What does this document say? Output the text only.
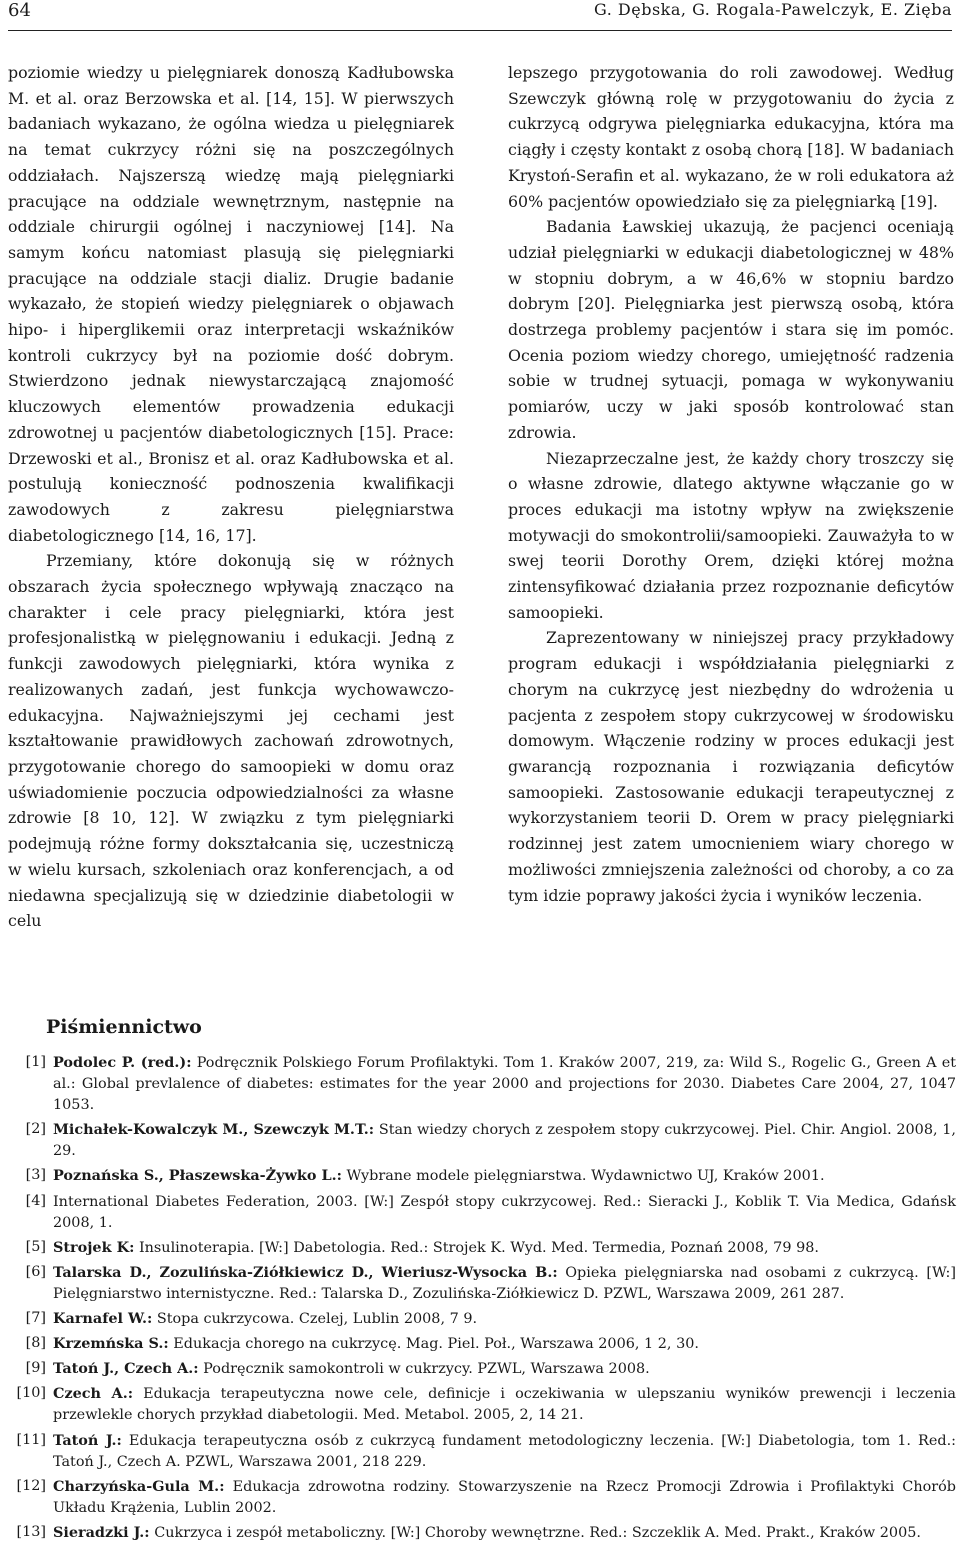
64	G. Dębska, G. Rogala-Pawelczyk, E. Zięba

poziomie wiedzy u pielęgniarek donoszą Kadłubowska M. et al. oraz Berzowska et al. [14, 15]. W pierwszych badaniach wykazano, że ogólna wiedza u pielęgniarek na temat cukrzycy różni się na poszczególnych oddziałach. Najszerszą wiedzę mają pielęgniarki pracujące na oddziale wewnętrznym, następnie na oddziale chirurgii ogólnej i naczyniowej [14]. Na samym końcu natomiast plasują się pielęgniarki pracujące na oddziale stacji dializ. Drugie badanie wykazało, że stopień wiedzy pielęgniarek o objawach hipo- i hiperglikemii oraz interpretacji wskaźników kontroli cukrzycy był na poziomie dość dobrym. Stwierdzono jednak niewystarczającą znajomość kluczowych elementów prowadzenia edukacji zdrowotnej u pacjentów diabetologicznych [15]. Prace: Drzewoski et al., Bronisz et al. oraz Kadłubowska et al. postulują konieczność podnoszenia kwalifikacji zawodowych z zakresu pielęgniarstwa diabetologicznego [14, 16, 17].

Przemiany, które dokonują się w różnych obszarach życia społecznego wpływają znacząco na charakter i cele pracy pielęgniarki, która jest profesjonalistką w pielęgnowaniu i edukacji. Jedną z funkcji zawodowych pielęgniarki, która wynika z realizowanych zadań, jest funkcja wychowawczo-edukacyjna. Najważniejszymi jej cechami jest kształtowanie prawidłowych zachowań zdrowotnych, przygotowanie chorego do samoopieki w domu oraz uświadomienie poczucia odpowiedzialności za własne zdrowie [8 10, 12]. W związku z tym pielęgniarki podejmują różne formy dokształcania się, uczestniczą w wielu kursach, szkoleniach oraz konferencjach, a od niedawna specjalizują się w dziedzinie diabetologii w celu

lepszego przygotowania do roli zawodowej. Według Szewczyk główną rolę w przygotowaniu do życia z cukrzycą odgrywa pielęgniarka edukacyjna, która ma ciągły i częsty kontakt z osobą chorą [18]. W badaniach Krystoń-Serafin et al. wykazano, że w roli edukatora aż 60% pacjentów opowiedziało się za pielęgniarką [19].

Badania Ławskiej ukazują, że pacjenci oceniają udział pielęgniarki w edukacji diabetologicznej w 48% w stopniu dobrym, a w 46,6% w stopniu bardzo dobrym [20]. Pielęgniarka jest pierwszą osobą, która dostrzega problemy pacjentów i stara się im pomóc. Ocenia poziom wiedzy chorego, umiejętność radzenia sobie w trudnej sytuacji, pomaga w wykonywaniu pomiarów, uczy w jaki sposób kontrolować stan zdrowia.

Niezaprzeczalne jest, że każdy chory troszczy się o własne zdrowie, dlatego aktywne włączanie go w proces edukacji ma istotny wpływ na zwiększenie motywacji do smokontrolii/samoopieki. Zauważyła to w swej teorii Dorothy Orem, dzięki której można zintensyfikować działania przez rozpoznanie deficytów samoopieki.

Zaprezentowany w niniejszej pracy przykładowy program edukacji i współdziałania pielęgniarki z chorym na cukrzycę jest niezbędny do wdrożenia u pacjenta z zespołem stopy cukrzycowej w środowisku domowym. Włączenie rodziny w proces edukacji jest gwarancją rozpoznania i rozwiązania deficytów samoopieki. Zastosowanie edukacji terapeutycznej z wykorzystaniem teorii D. Orem w pracy pielęgniarki rodzinnej jest zatem umocnieniem wiary chorego w możliwości zmniejszenia zależności od choroby, a co za tym idzie poprawy jakości życia i wyników leczenia.

Piśmiennictwo
[1] Podolec P. (red.): Podręcznik Polskiego Forum Profilaktyki. Tom 1. Kraków 2007, 219, za: Wild S., Rogelic G., Green A et al.: Global prevlalence of diabetes: estimates for the year 2000 and projections for 2030. Diabetes Care 2004, 27, 1047 1053.
[2] Michałek-Kowalczyk M., Szewczyk M.T.: Stan wiedzy chorych z zespołem stopy cukrzycowej. Piel. Chir. Angiol. 2008, 1, 29.
[3] Poznańska S., Płaszewska-Żywko L.: Wybrane modele pielęgniarstwa. Wydawnictwo UJ, Kraków 2001.
[4] International Diabetes Federation, 2003. [W:] Zespół stopy cukrzycowej. Red.: Sieracki J., Koblik T. Via Medica, Gdańsk 2008, 1.
[5] Strojek K: Insulinoterapia. [W:] Dabetologia. Red.: Strojek K. Wyd. Med. Termedia, Poznań 2008, 79 98.
[6] Talarska D., Zozulińska-Ziółkiewicz D., Wieriusz-Wysocka B.: Opieka pielęgniarska nad osobami z cukrzycą. [W:] Pielęgniarstwo internistyczne. Red.: Talarska D., Zozulińska-Ziółkiewicz D. PZWL, Warszawa 2009, 261 287.
[7] Karnafel W.: Stopa cukrzycowa. Czelej, Lublin 2008, 7 9.
[8] Krzemńska S.: Edukacja chorego na cukrzycę. Mag. Piel. Poł., Warszawa 2006, 1 2, 30.
[9] Tatoń J., Czech A.: Podręcznik samokontroli w cukrzycy. PZWL, Warszawa 2008.
[10] Czech A.: Edukacja terapeutyczna nowe cele, definicje i oczekiwania w ulepszaniu wyników prewencji i leczenia przewlekle chorych przykład diabetologii. Med. Metabol. 2005, 2, 14 21.
[11] Tatoń J.: Edukacja terapeutyczna osób z cukrzycą fundament metodologiczny leczenia. [W:] Diabetologia, tom 1. Red.: Tatoń J., Czech A. PZWL, Warszawa 2001, 218 229.
[12] Charzyńska-Gula M.: Edukacja zdrowotna rodziny. Stowarzyszenie na Rzecz Promocji Zdrowia i Profilaktyki Chorób Układu Krążenia, Lublin 2002.
[13] Sieradzki J.: Cukrzyca i zespół metaboliczny. [W:] Choroby wewnętrzne. Red.: Szczeklik A. Med. Prakt., Kraków 2005.
